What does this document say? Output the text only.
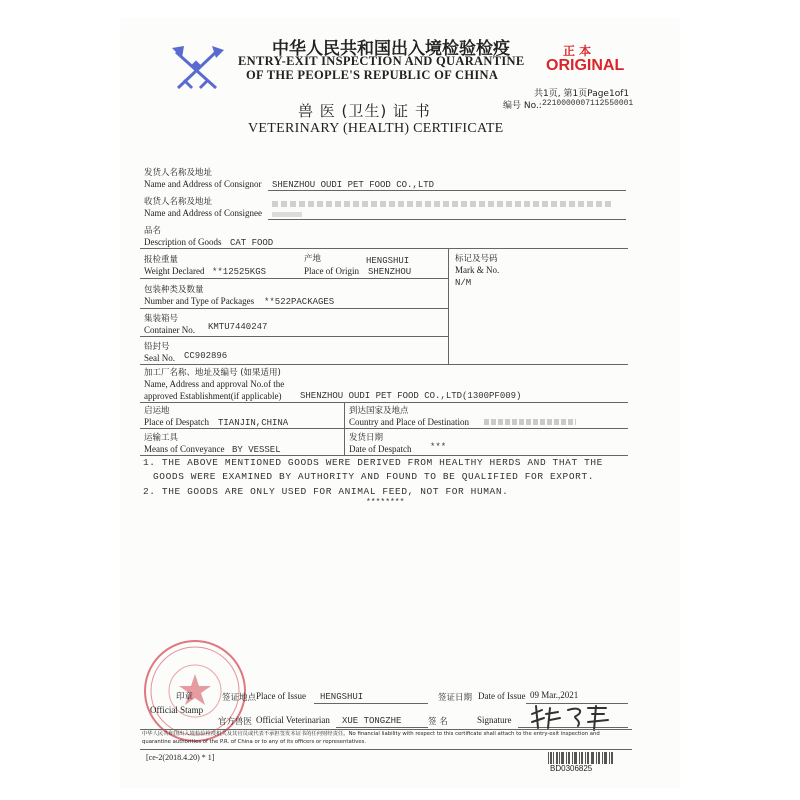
中华人民共和国出入境检验检疫
ENTRY-EXIT INSPECTION AND QUARANTINE
OF THE PEOPLE'S REPUBLIC OF CHINA
正 本
ORIGINAL
共1页, 第1页Page1of1
编号 No.: 2210000007112550001
兽 医 (卫生) 证 书
VETERINARY (HEALTH) CERTIFICATE
发货人名称及地址
Name and Address of Consignor SHENZHOU OUDI PET FOOD CO.,LTD
收货人名称及地址
Name and Address of Consignee
品名
Description of Goods CAT FOOD
报检重量
Weight Declared **12525KGS
产地	HENGSHUI
Place of Origin SHENZHOU
标记及号码
Mark & No.
N/M
包装种类及数量
Number and Type of Packages **522PACKAGES
集装箱号
Container No. KMTU7440247
铅封号
Seal No. CC902896
加工厂名称、地址及编号 (如果适用)
Name, Address and approval No.of the
approved Establishment(if applicable) SHENZHOU OUDI PET FOOD CO.,LTD(1300PF009)
启运地
Place of Despatch TIANJIN,CHINA
到达国家及地点
Country and Place of Destination
运输工具
Means of Conveyance BY VESSEL
发货日期
Date of Despatch ***
1. THE ABOVE MENTIONED GOODS WERE DERIVED FROM HEALTHY HERDS AND THAT THE
GOODS WERE EXAMINED BY AUTHORITY AND FOUND TO BE QUALIFIED FOR EXPORT.
2. THE GOODS ARE ONLY USED FOR ANIMAL FEED, NOT FOR HUMAN.
********
印章
Official Stamp
签证地点 Place of Issue HENGSHUI	签证日期 Date of Issue 09 Mar.,2021
官方兽医 Official Veterinarian XUE TONGZHE	签 名	Signature
中华人民共和国出入境检验检疫机关及其官员或代表不承担签发本证书的任何财经责任。No financial liability with respect to this certificate shall attach to the entry-exit inspection and quarantine authorities of the P.R. of China or to any of its officers or representatives.
[ce-2(2018.4.20) * 1]
BD0306825
